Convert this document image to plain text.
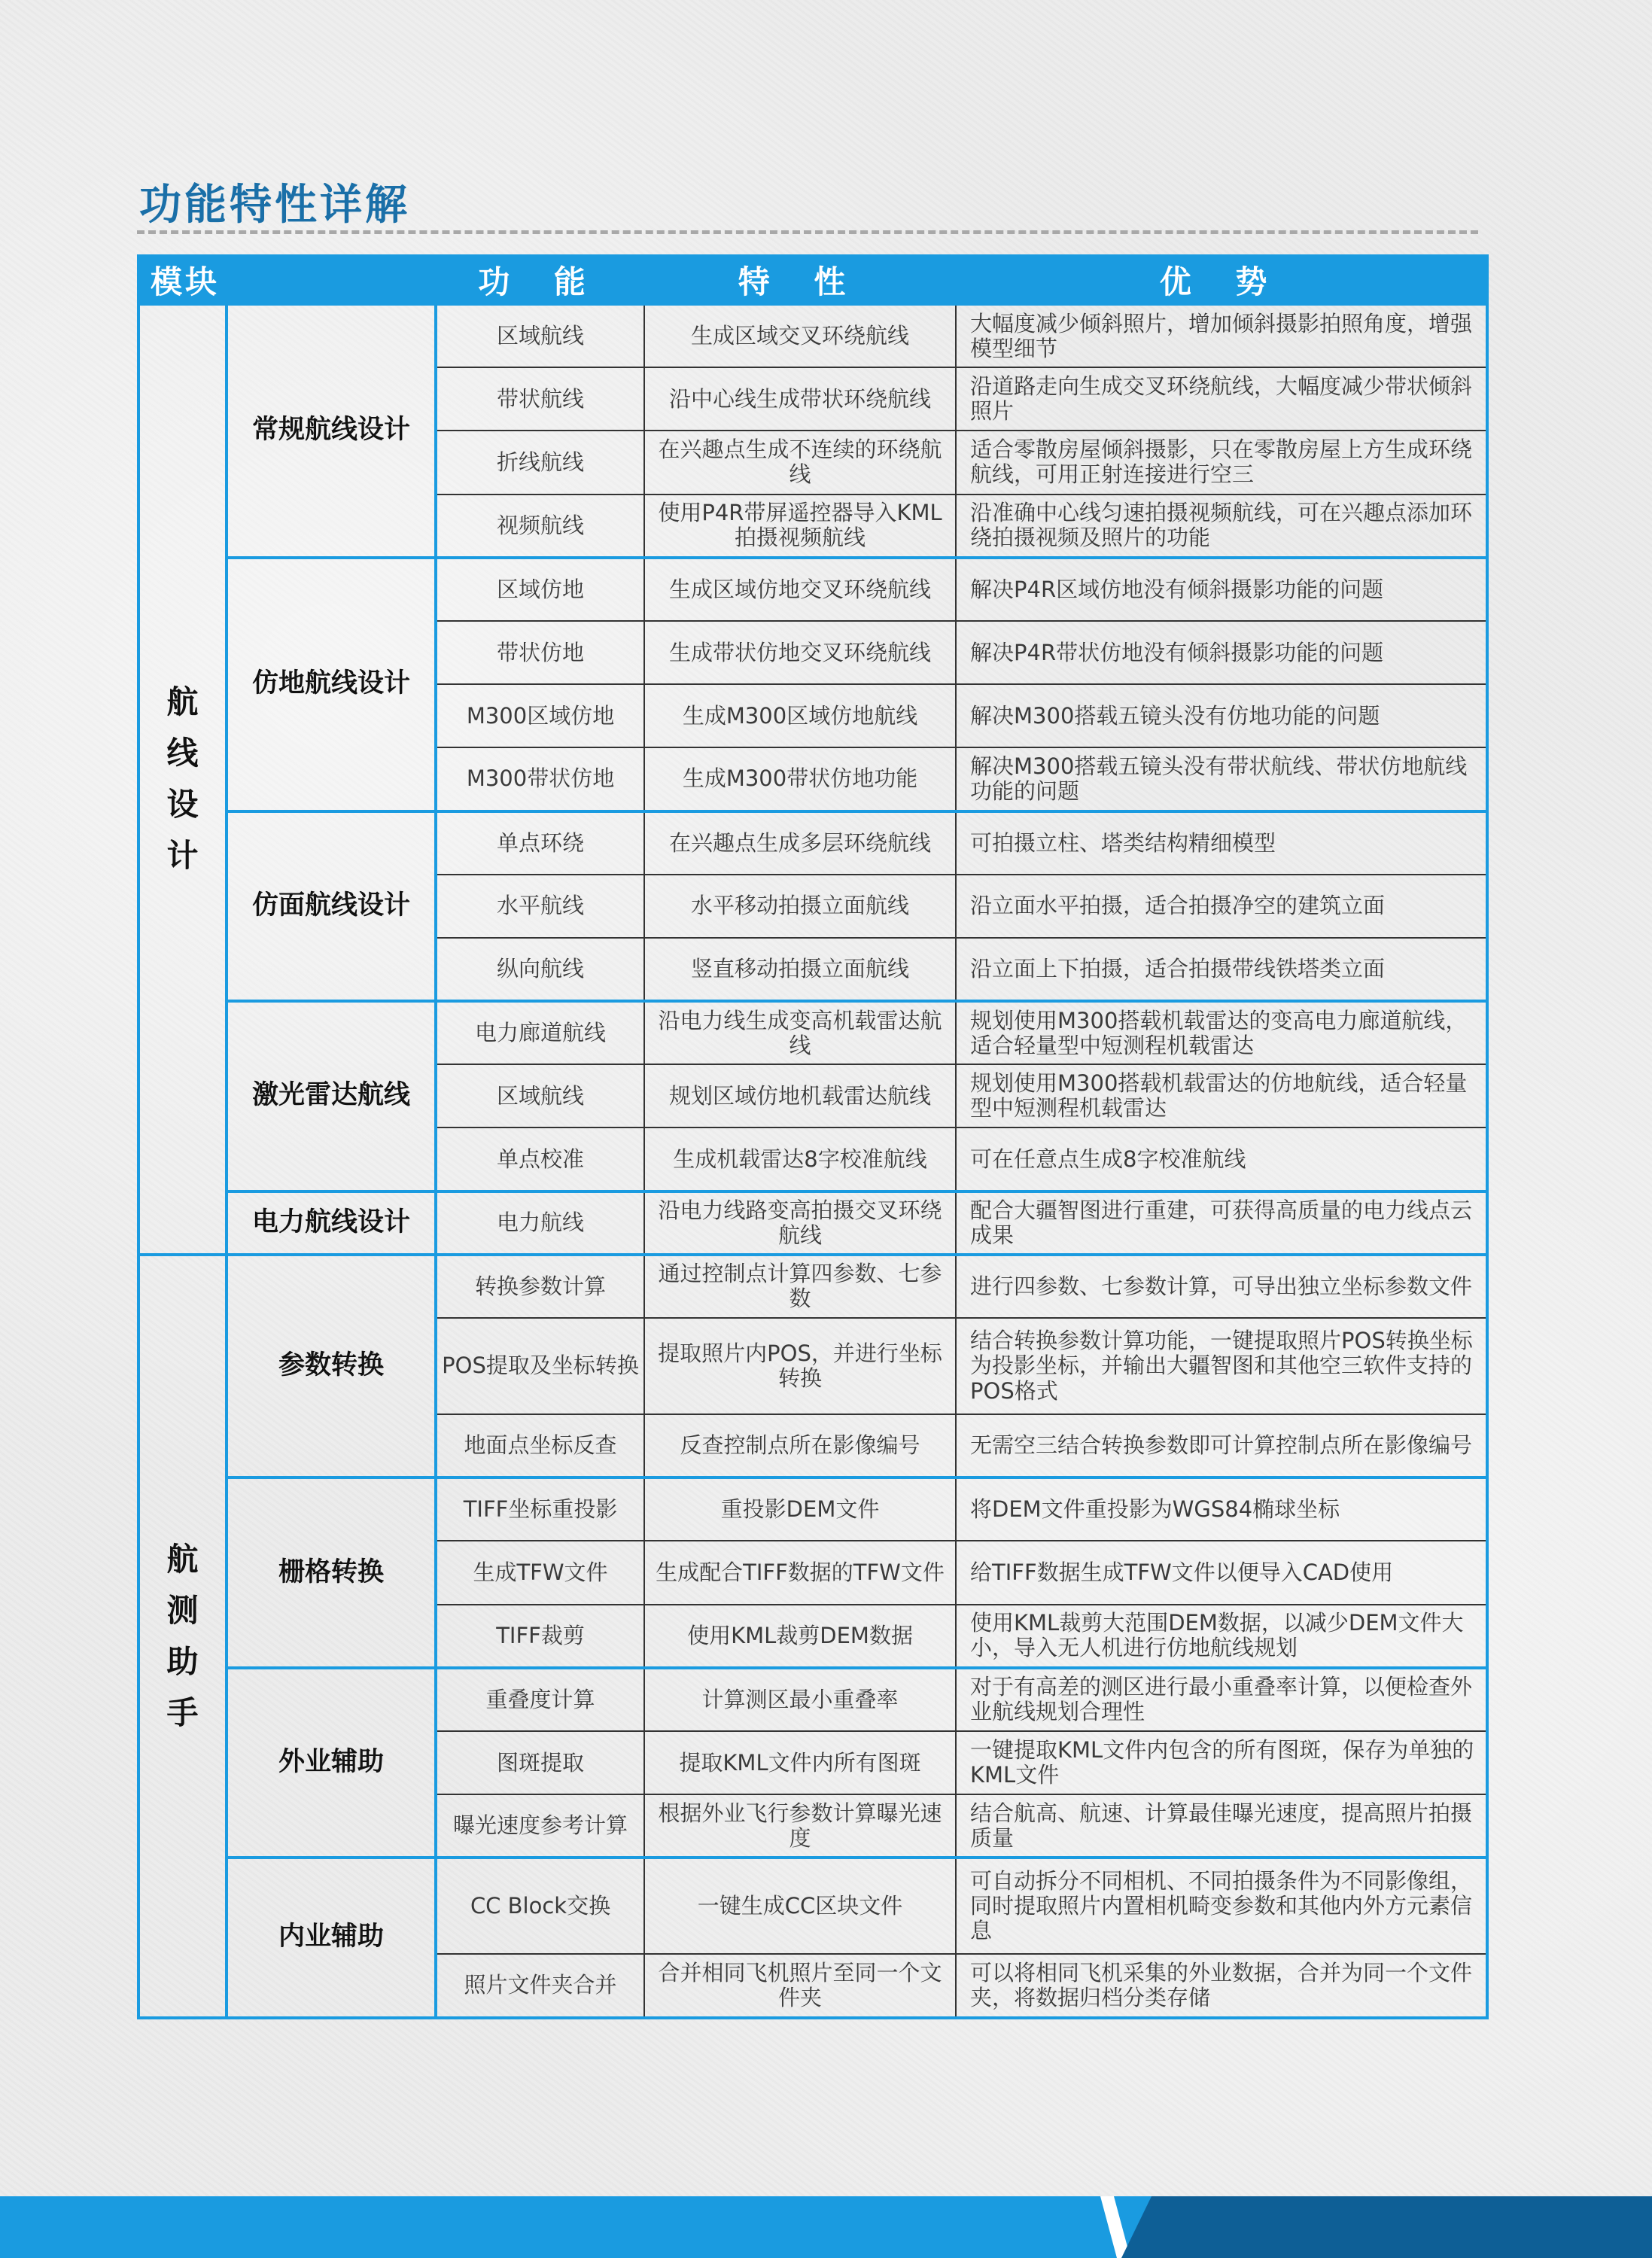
功能特性详解
模块		功 能	特 性	优 势
航线设计	常规航线设计	区域航线	生成区域交叉环绕航线	大幅度减少倾斜照片，增加倾斜摄影拍照角度，增强模型细节
		带状航线	沿中心线生成带状环绕航线	沿道路走向生成交叉环绕航线，大幅度减少带状倾斜照片
		折线航线	在兴趣点生成不连续的环绕航线	适合零散房屋倾斜摄影，只在零散房屋上方生成环绕航线，可用正射连接进行空三
		视频航线	使用P4R带屏遥控器导入KML拍摄视频航线	沿准确中心线匀速拍摄视频航线，可在兴趣点添加环绕拍摄视频及照片的功能
	仿地航线设计	区域仿地	生成区域仿地交叉环绕航线	解决P4R区域仿地没有倾斜摄影功能的问题
		带状仿地	生成带状仿地交叉环绕航线	解决P4R带状仿地没有倾斜摄影功能的问题
		M300区域仿地	生成M300区域仿地航线	解决M300搭载五镜头没有仿地功能的问题
		M300带状仿地	生成M300带状仿地功能	解决M300搭载五镜头没有带状航线、带状仿地航线功能的问题
	仿面航线设计	单点环绕	在兴趣点生成多层环绕航线	可拍摄立柱、塔类结构精细模型
		水平航线	水平移动拍摄立面航线	沿立面水平拍摄，适合拍摄净空的建筑立面
		纵向航线	竖直移动拍摄立面航线	沿立面上下拍摄，适合拍摄带线铁塔类立面
	激光雷达航线	电力廊道航线	沿电力线生成变高机载雷达航线	规划使用M300搭载机载雷达的变高电力廊道航线，适合轻量型中短测程机载雷达
		区域航线	规划区域仿地机载雷达航线	规划使用M300搭载机载雷达的仿地航线，适合轻量型中短测程机载雷达
		单点校准	生成机载雷达8字校准航线	可在任意点生成8字校准航线
	电力航线设计	电力航线	沿电力线路变高拍摄交叉环绕航线	配合大疆智图进行重建，可获得高质量的电力线点云成果
航测助手	参数转换	转换参数计算	通过控制点计算四参数、七参数	进行四参数、七参数计算，可导出独立坐标参数文件
		POS提取及坐标转换	提取照片内POS，并进行坐标转换	结合转换参数计算功能，一键提取照片POS转换坐标为投影坐标，并输出大疆智图和其他空三软件支持的POS格式
		地面点坐标反查	反查控制点所在影像编号	无需空三结合转换参数即可计算控制点所在影像编号
	栅格转换	TIFF坐标重投影	重投影DEM文件	将DEM文件重投影为WGS84椭球坐标
		生成TFW文件	生成配合TIFF数据的TFW文件	给TIFF数据生成TFW文件以便导入CAD使用
		TIFF裁剪	使用KML裁剪DEM数据	使用KML裁剪大范围DEM数据，以减少DEM文件大小，导入无人机进行仿地航线规划
	外业辅助	重叠度计算	计算测区最小重叠率	对于有高差的测区进行最小重叠率计算，以便检查外业航线规划合理性
		图斑提取	提取KML文件内所有图斑	一键提取KML文件内包含的所有图斑，保存为单独的KML文件
		曝光速度参考计算	根据外业飞行参数计算曝光速度	结合航高、航速、计算最佳曝光速度，提高照片拍摄质量
	内业辅助	CC Block交换	一键生成CC区块文件	可自动拆分不同相机、不同拍摄条件为不同影像组，同时提取照片内置相机畸变参数和其他内外方元素信息
		照片文件夹合并	合并相同飞机照片至同一个文件夹	可以将相同飞机采集的外业数据，合并为同一个文件夹，将数据归档分类存储
